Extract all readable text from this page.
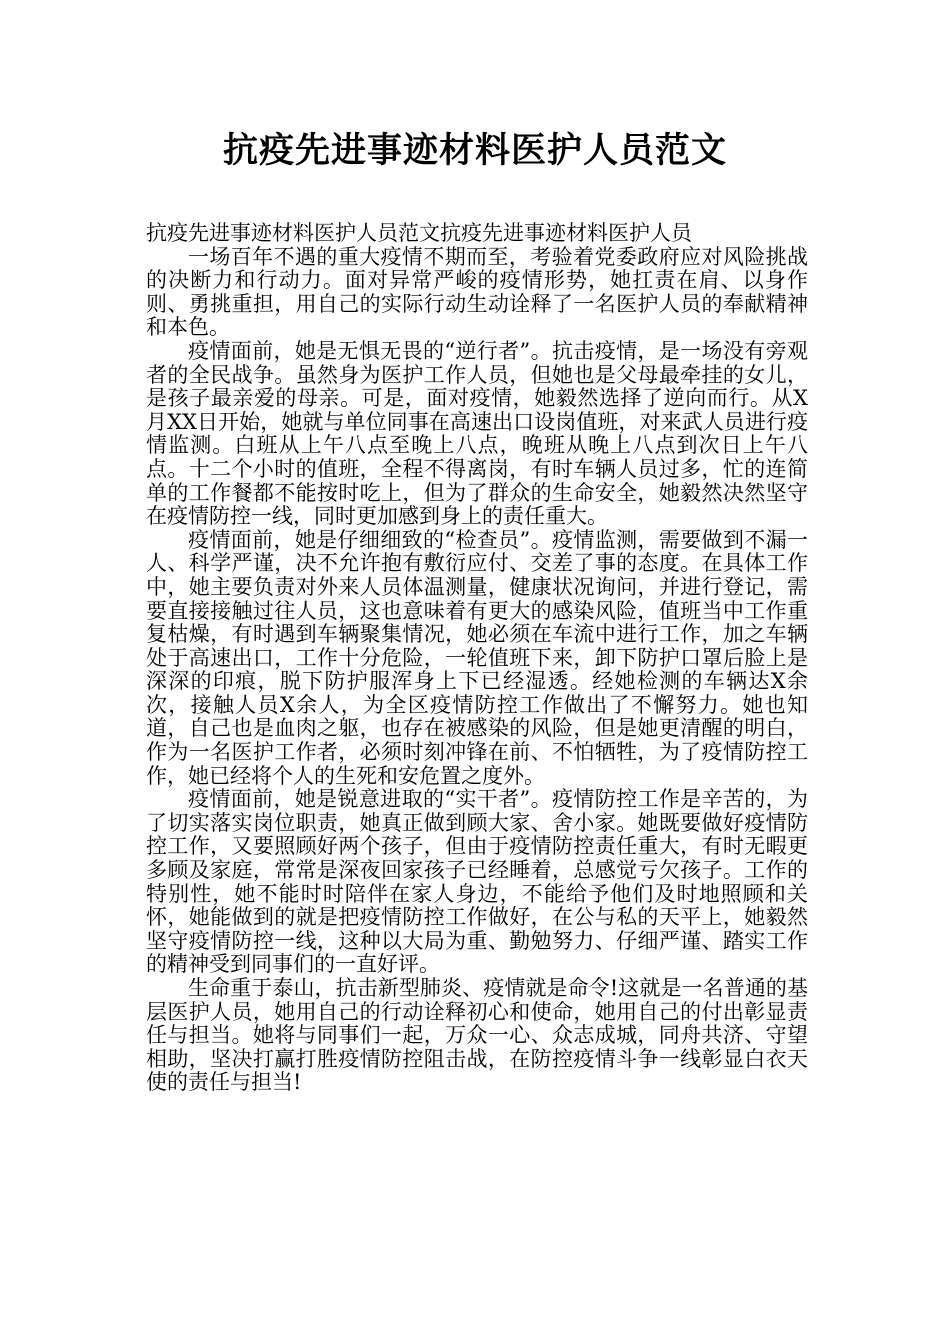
抗疫先进事迹材料医护人员范文

抗疫先进事迹材料医护人员范文抗疫先进事迹材料医护人员

一场百年不遇的重大疫情不期而至，考验着党委政府应对风险挑战的决断力和行动力。面对异常严峻的疫情形势，她扛责在肩、以身作则、勇挑重担，用自己的实际行动生动诠释了一名医护人员的奉献精神和本色。

疫情面前，她是无惧无畏的“逆行者”。抗击疫情，是一场没有旁观者的全民战争。虽然身为医护工作人员，但她也是父母最牵挂的女儿，是孩子最亲爱的母亲。可是，面对疫情，她毅然选择了逆向而行。从X月XX日开始，她就与单位同事在高速出口设岗值班，对来武人员进行疫情监测。白班从上午八点至晚上八点，晚班从晚上八点到次日上午八点。十二个小时的值班，全程不得离岗，有时车辆人员过多，忙的连简单的工作餐都不能按时吃上，但为了群众的生命安全，她毅然决然坚守在疫情防控一线，同时更加感到身上的责任重大。

疫情面前，她是仔细细致的“检查员”。疫情监测，需要做到不漏一人、科学严谨，决不允许抱有敷衍应付、交差了事的态度。在具体工作中，她主要负责对外来人员体温测量，健康状况询问，并进行登记，需要直接接触过往人员，这也意味着有更大的感染风险，值班当中工作重复枯燥，有时遇到车辆聚集情况，她必须在车流中进行工作，加之车辆处于高速出口，工作十分危险，一轮值班下来，卸下防护口罩后脸上是深深的印痕，脱下防护服浑身上下已经湿透。经她检测的车辆达X余次，接触人员X余人，为全区疫情防控工作做出了不懈努力。她也知道，自己也是血肉之躯，也存在被感染的风险，但是她更清醒的明白，作为一名医护工作者，必须时刻冲锋在前、不怕牺牲，为了疫情防控工作，她已经将个人的生死和安危置之度外。

疫情面前，她是锐意进取的“实干者”。疫情防控工作是辛苦的，为了切实落实岗位职责，她真正做到顾大家、舍小家。她既要做好疫情防控工作，又要照顾好两个孩子，但由于疫情防控责任重大，有时无暇更多顾及家庭，常常是深夜回家孩子已经睡着，总感觉亏欠孩子。工作的特别性，她不能时时陪伴在家人身边，不能给予他们及时地照顾和关怀，她能做到的就是把疫情防控工作做好，在公与私的天平上，她毅然坚守疫情防控一线，这种以大局为重、勤勉努力、仔细严谨、踏实工作的精神受到同事们的一直好评。

生命重于泰山，抗击新型肺炎、疫情就是命令!这就是一名普通的基层医护人员，她用自己的行动诠释初心和使命，她用自己的付出彰显责任与担当。她将与同事们一起，万众一心、众志成城，同舟共济、守望相助，坚决打赢打胜疫情防控阻击战，在防控疫情斗争一线彰显白衣天使的责任与担当!
